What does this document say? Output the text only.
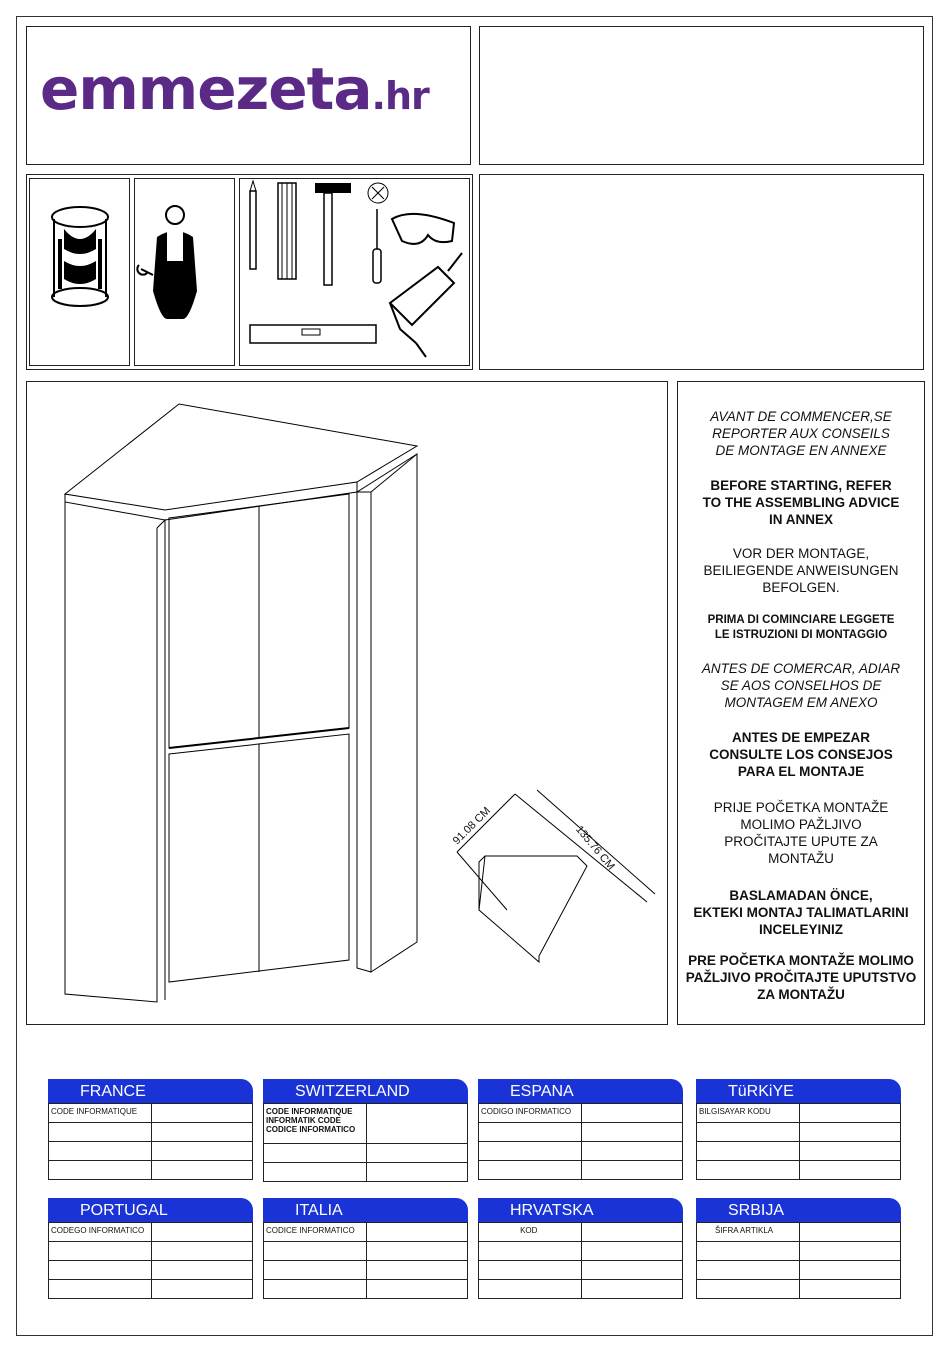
emmezeta.hr
91.08 CM	135.76 CM
AVANT DE COMMENCER,SE
REPORTER AUX CONSEILS
DE MONTAGE EN ANNEXE
BEFORE STARTING, REFER
TO THE ASSEMBLING ADVICE
IN ANNEX
VOR DER MONTAGE,
BEILIEGENDE ANWEISUNGEN
BEFOLGEN.
PRIMA DI COMINCIARE LEGGETE
LE ISTRUZIONI DI MONTAGGIO
ANTES DE COMERCAR, ADIAR
SE AOS CONSELHOS DE
MONTAGEM EM ANEXO
ANTES DE EMPEZAR
CONSULTE LOS CONSEJOS
PARA EL MONTAJE
PRIJE POČETKA MONTAŽE
MOLIMO PAŽLJIVO
PROČITAJTE UPUTE ZA
MONTAŽU
BASLAMADAN ÖNCE,
EKTEKI MONTAJ TALIMATLARINI
INCELEYINIZ
PRE POČETKA MONTAŽE MOLIMO
PAŽLJIVO PROČITAJTE UPUTSTVO
ZA MONTAŽU
FRANCE
CODE INFORMATIQUE
SWITZERLAND
CODE INFORMATIQUE
INFORMATIK CODE
CODICE INFORMATICO
ESPANA
CODIGO INFORMATICO
TüRKiYE
BILGISAYAR KODU
PORTUGAL
CODEGO INFORMATICO
ITALIA
CODICE INFORMATICO
HRVATSKA
KOD
SRBIJA
ŠIFRA ARTIKLA
